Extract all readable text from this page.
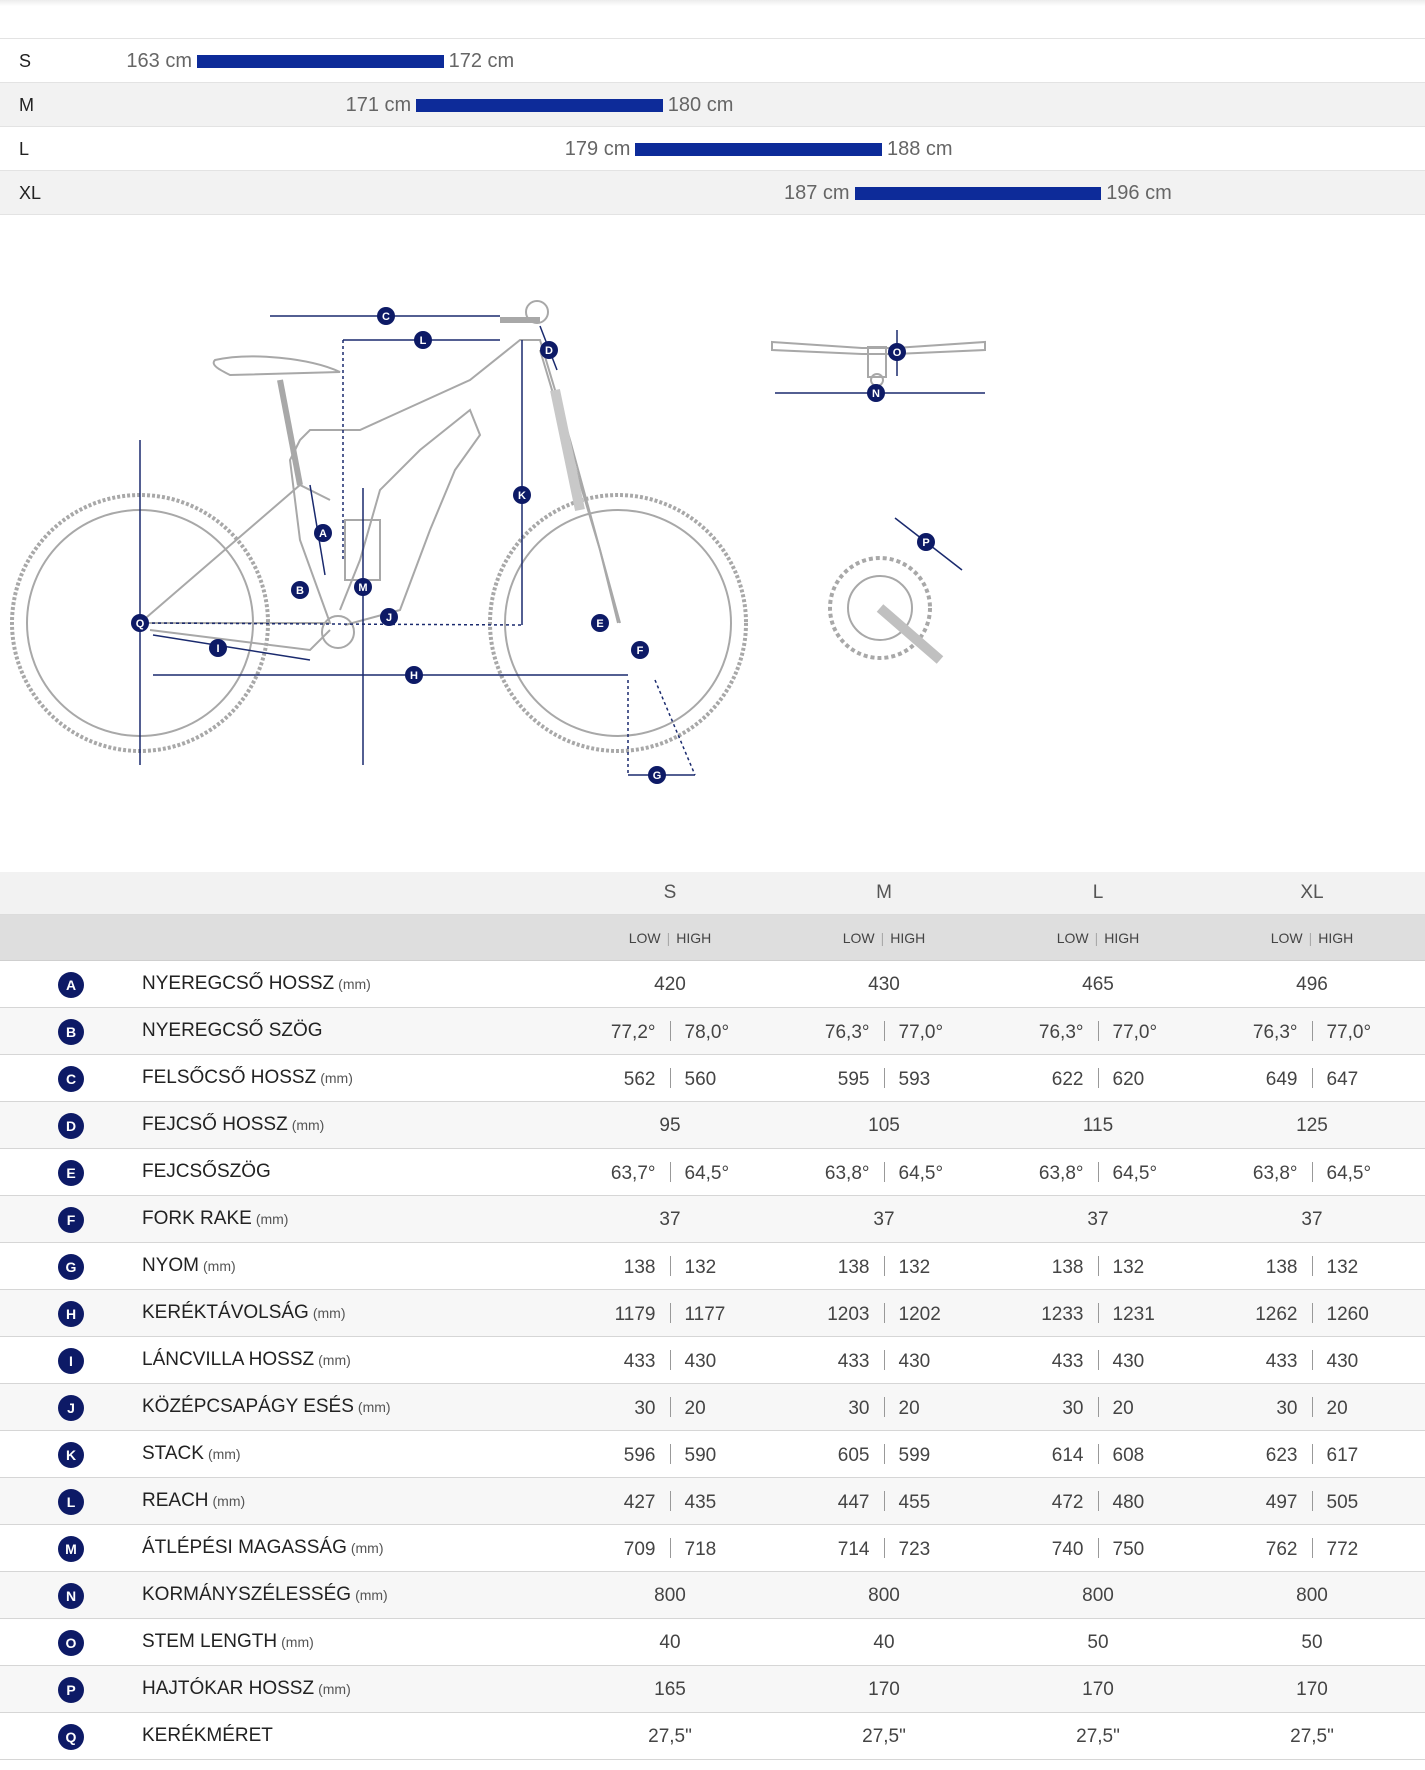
S	163 cm	172 cm
M	171 cm	180 cm
L	179 cm	188 cm
XL	187 cm	196 cm
C
L
D
K
A
B	M
J
Q
I
H
E
F
G
O
N
P
S	M	L	XL
LOW | HIGH	LOW | HIGH	LOW | HIGH	LOW | HIGH
A	NYEREGCSŐ HOSSZ (mm)	420	430	465	496
B	NYEREGCSŐ SZÖG	77,2° 78,0°	76,3° 77,0°	76,3° 77,0°	76,3° 77,0°
C	FELSŐCSŐ HOSSZ (mm)	562 560	595 593	622 620	649 647
D	FEJCSŐ HOSSZ (mm)	95	105	115	125
E	FEJCSŐSZÖG	63,7° 64,5°	63,8° 64,5°	63,8° 64,5°	63,8° 64,5°
F	FORK RAKE (mm)	37	37	37	37
G	NYOM (mm)	138 132	138 132	138 132	138 132
H	KERÉKTÁVOLSÁG (mm)	1179 1177	1203 1202	1233 1231	1262 1260
I	LÁNCVILLA HOSSZ (mm)	433 430	433 430	433 430	433 430
J	KÖZÉPCSAPÁGY ESÉS (mm)	30 20	30 20	30 20	30 20
K	STACK (mm)	596 590	605 599	614 608	623 617
L	REACH (mm)	427 435	447 455	472 480	497 505
M	ÁTLÉPÉSI MAGASSÁG (mm)	709 718	714 723	740 750	762 772
N	KORMÁNYSZÉLESSÉG (mm)	800	800	800	800
O	STEM LENGTH (mm)	40	40	50	50
P	HAJTÓKAR HOSSZ (mm)	165	170	170	170
Q	KERÉKMÉRET	27,5"	27,5"	27,5"	27,5"
